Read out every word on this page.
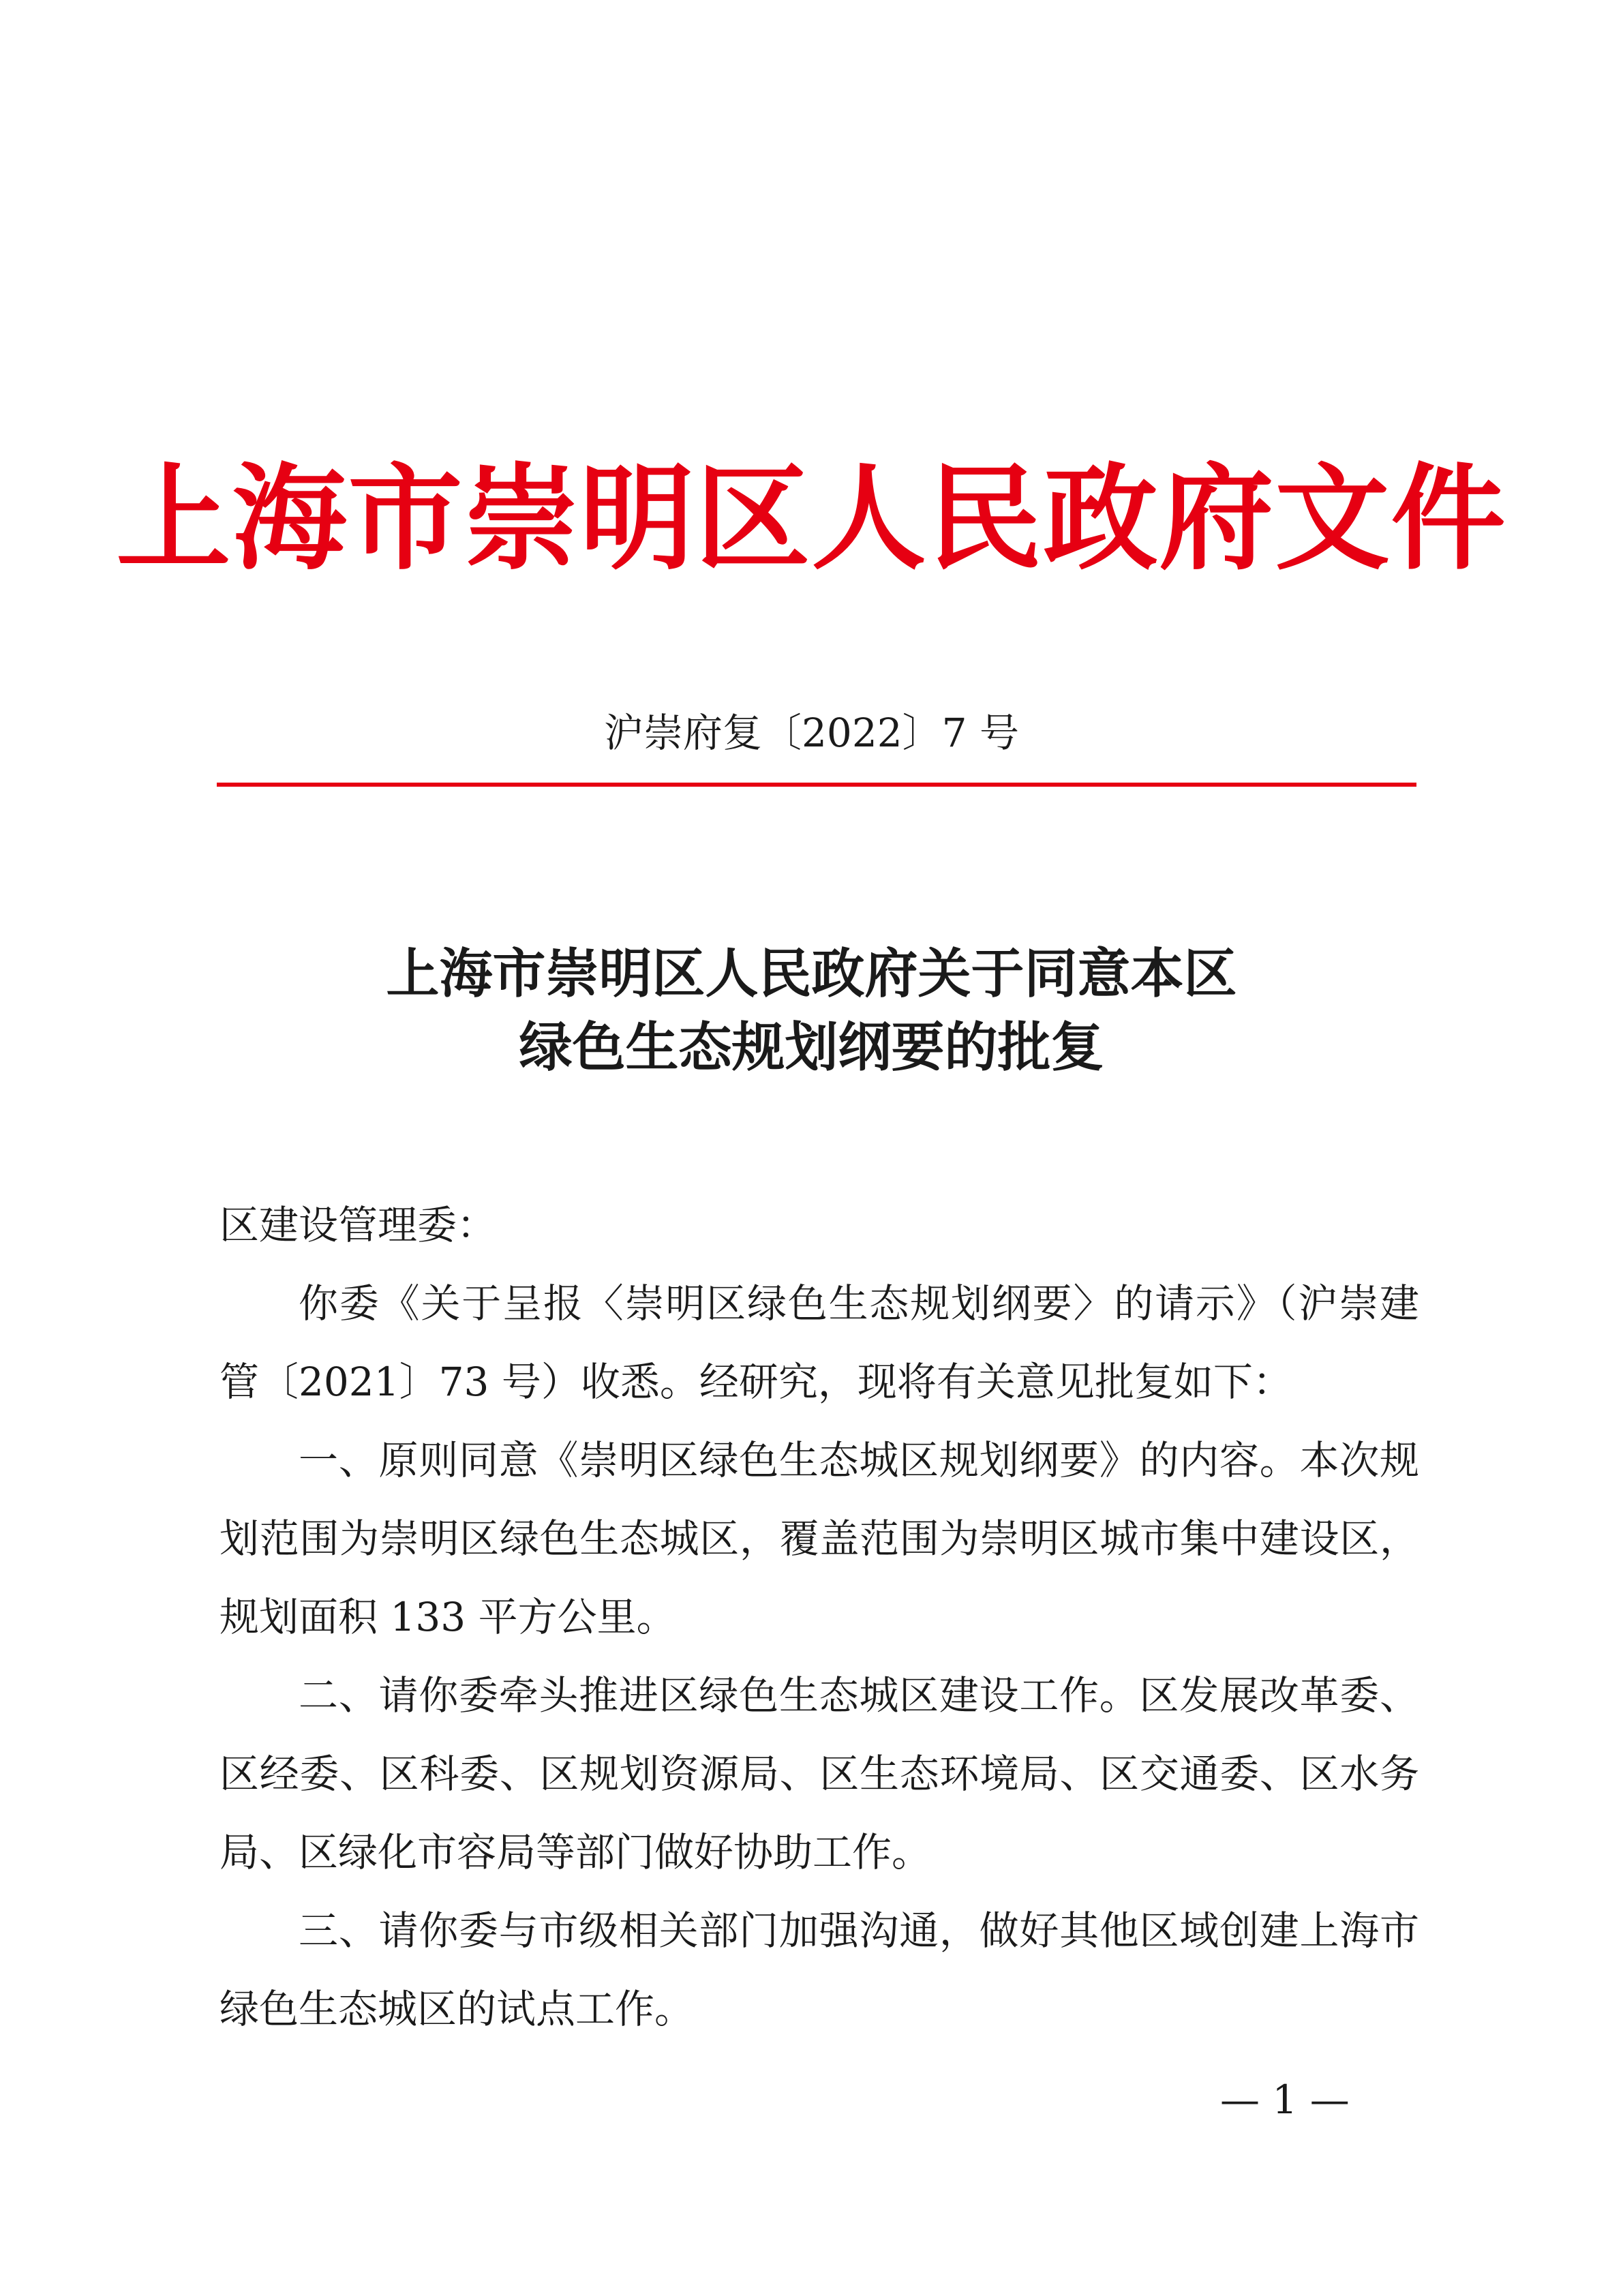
上海市崇明区人民政府文件
沪崇府复〔2022〕7 号
上海市崇明区人民政府关于同意本区
绿色生态规划纲要的批复

区建设管理委：

你委《关于呈报〈崇明区绿色生态规划纲要〉的请示》（沪崇建管〔2021〕73 号）收悉。经研究，现将有关意见批复如下：

一、原则同意《崇明区绿色生态城区规划纲要》的内容。本次规划范围为崇明区绿色生态城区，覆盖范围为崇明区城市集中建设区，规划面积 133 平方公里。

二、请你委牵头推进区绿色生态城区建设工作。区发展改革委、区经委、区科委、区规划资源局、区生态环境局、区交通委、区水务局、区绿化市容局等部门做好协助工作。

三、请你委与市级相关部门加强沟通，做好其他区域创建上海市绿色生态城区的试点工作。

— 1 —
